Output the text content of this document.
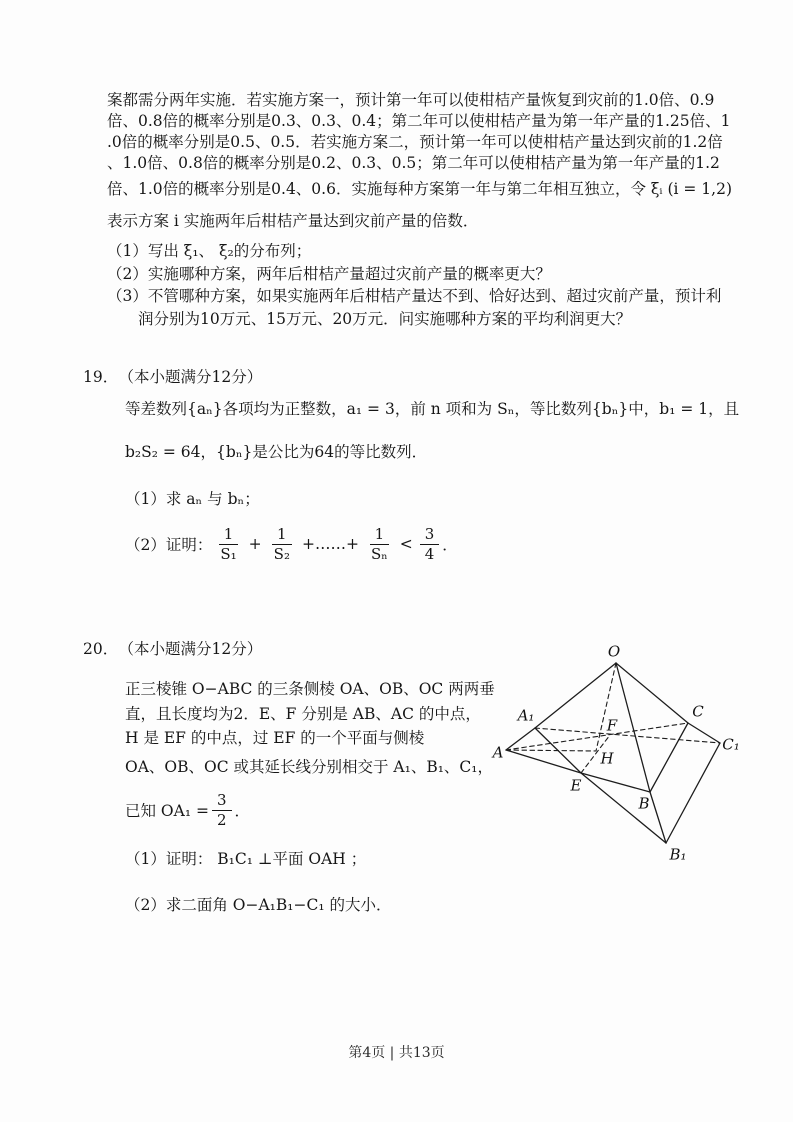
案都需分两年实施．若实施方案一，预计第一年可以使柑桔产量恢复到灾前的1.0倍、0.9
倍、0.8倍的概率分别是0.3、0.3、0.4；第二年可以使柑桔产量为第一年产量的1.25倍、1
.0倍的概率分别是0.5、0.5．若实施方案二，预计第一年可以使柑桔产量达到灾前的1.2倍
、1.0倍、0.8倍的概率分别是0.2、0.3、0.5；第二年可以使柑桔产量为第一年产量的1.2
倍、1.0倍的概率分别是0.4、0.6．实施每种方案第一年与第二年相互独立，令 ξᵢ (i = 1,2)
表示方案 i 实施两年后柑桔产量达到灾前产量的倍数．
（1）写出 ξ₁、 ξ₂的分布列；
（2）实施哪种方案，两年后柑桔产量超过灾前产量的概率更大？
（3）不管哪种方案，如果实施两年后柑桔产量达不到、恰好达到、超过灾前产量，预计利
润分别为10万元、15万元、20万元．问实施哪种方案的平均利润更大？
19． （本小题满分12分）
等差数列{aₙ}各项均为正整数，a₁ = 3，前 n 项和为 Sₙ，等比数列{bₙ}中，b₁ = 1，且
b₂S₂ = 64，{bₙ}是公比为64的等比数列．
（1）求 aₙ 与 bₙ；
（2）证明： $\frac{1}{\text{S₁}} + \frac{1}{\text{S₂}}$ +……+ $\frac{1}{\text{Sₙ}} < \frac{3}{4}$ ．
20． （本小题满分12分）
正三棱锥 O−ABC 的三条侧棱 OA、OB、OC 两两垂
直，且长度均为2．E、F 分别是 AB、AC 的中点，
H 是 EF 的中点，过 EF 的一个平面与侧棱
OA、OB、OC 或其延长线分别相交于 A₁、B₁、C₁，
已知 $OA_1 = \frac{3}{2}$ ．
（1）证明： B₁C₁ ⊥平面 OAH ；
（2）求二面角 O−A₁B₁−C₁ 的大小．
O
A₁
A
E
F
H
B
B₁
C
C₁
第4页 | 共13页
